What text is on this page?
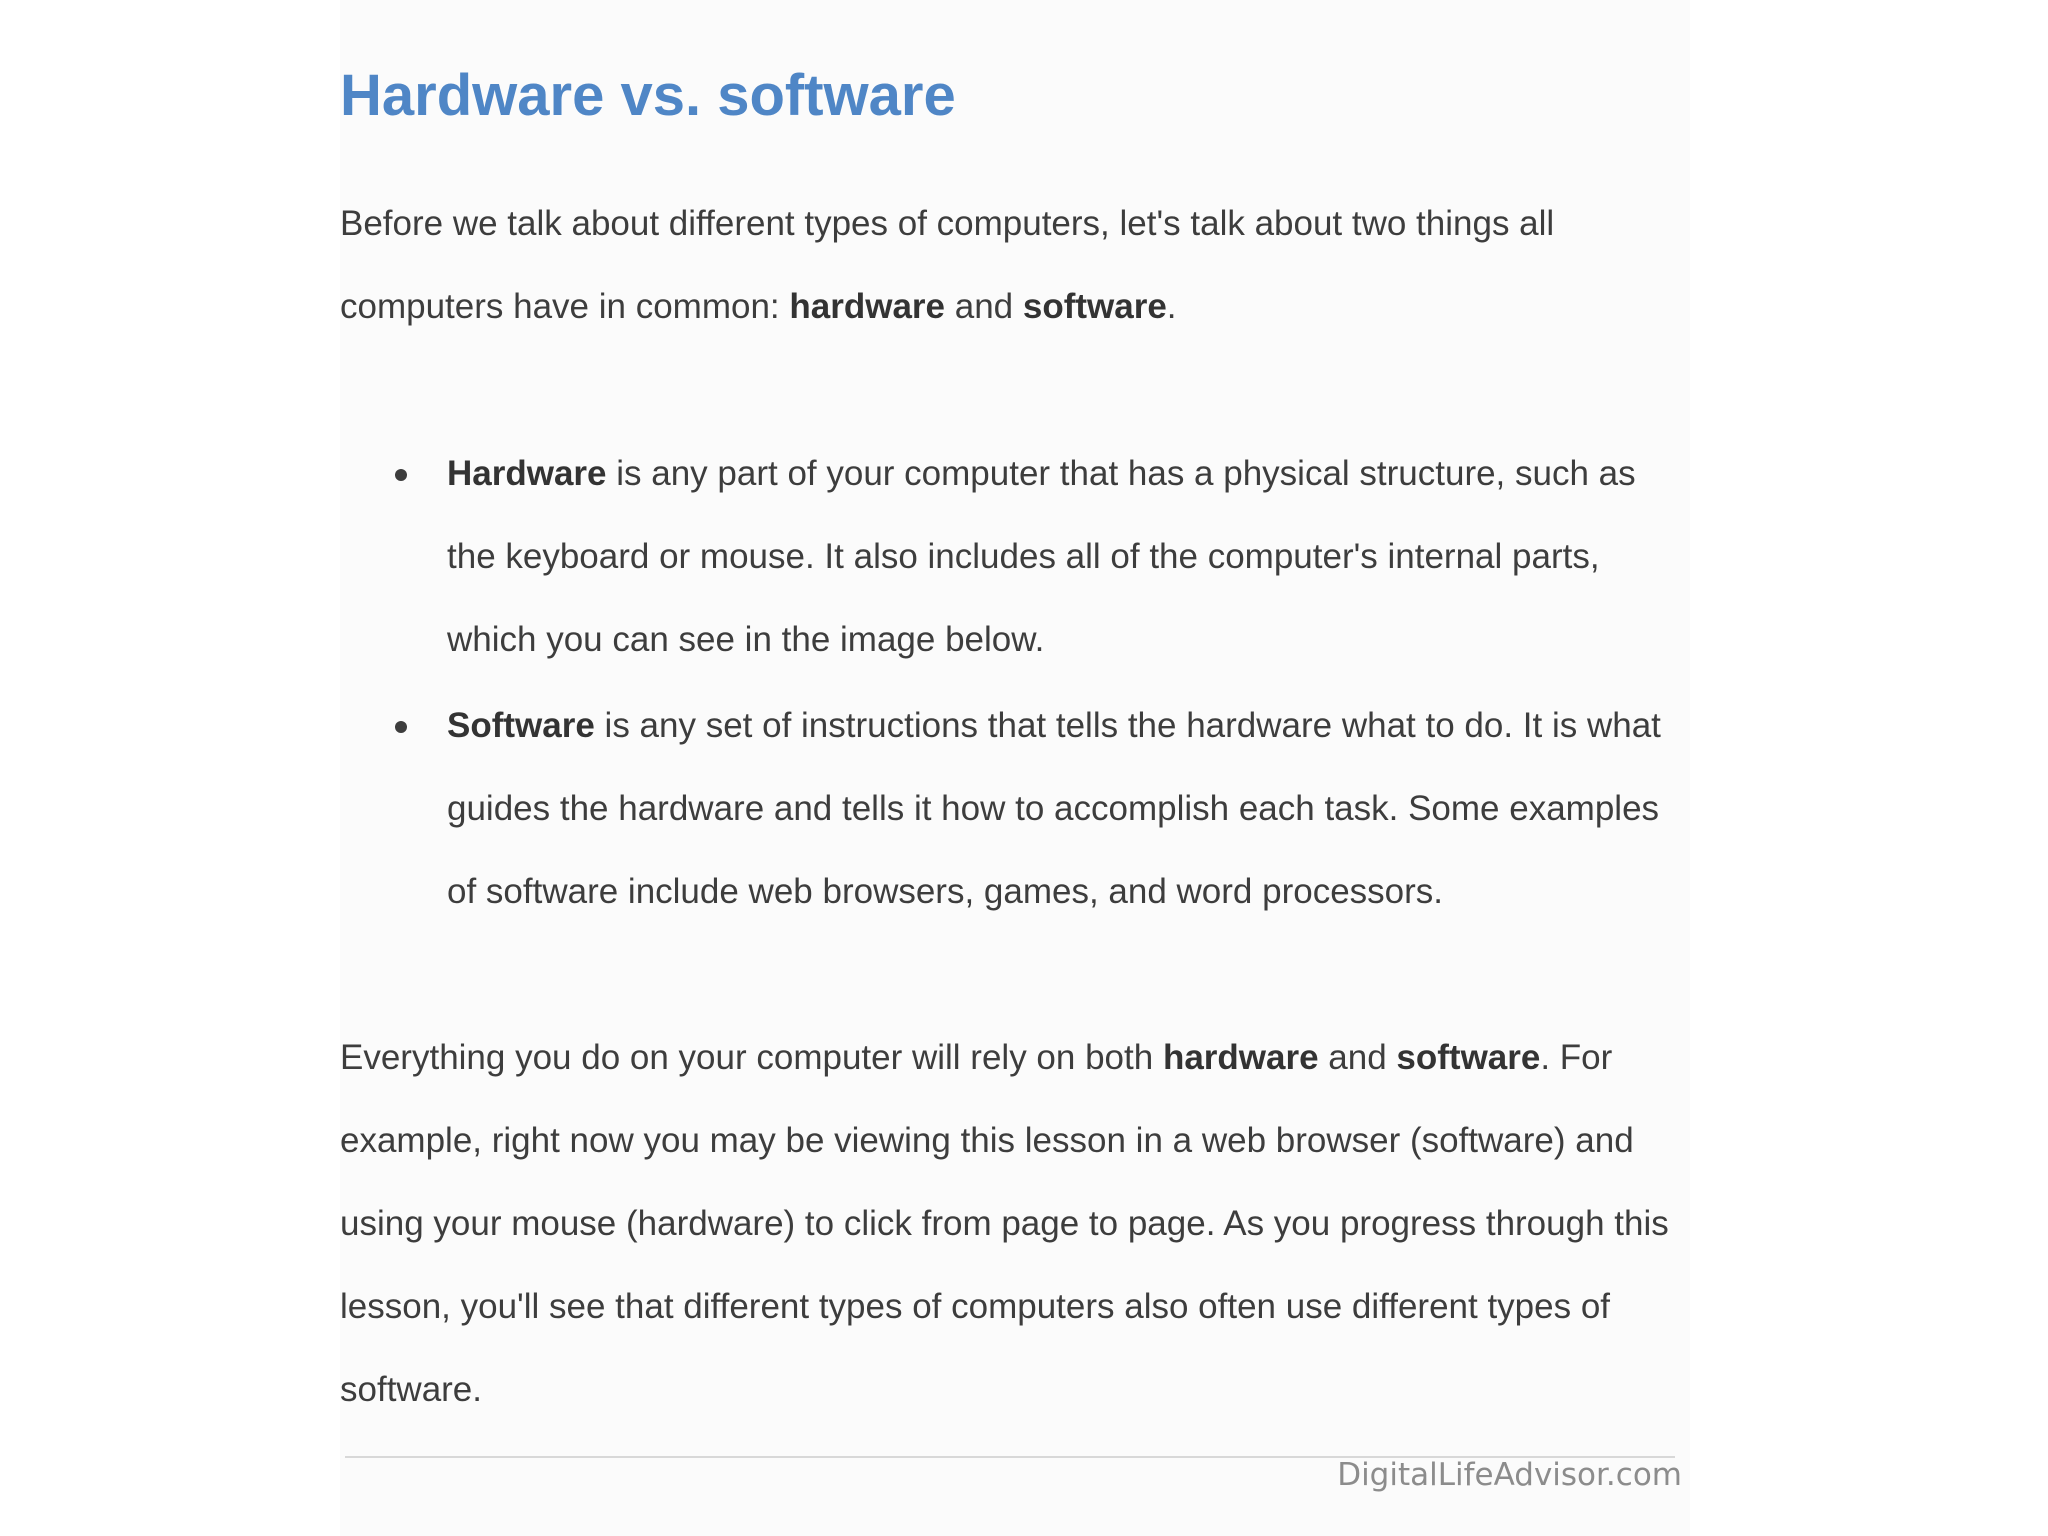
Hardware vs. software

Before we talk about different types of computers, let's talk about two things all computers have in common: hardware and software.

Hardware is any part of your computer that has a physical structure, such as the keyboard or mouse. It also includes all of the computer's internal parts, which you can see in the image below.
Software is any set of instructions that tells the hardware what to do. It is what guides the hardware and tells it how to accomplish each task. Some examples of software include web browsers, games, and word processors.

Everything you do on your computer will rely on both hardware and software. For example, right now you may be viewing this lesson in a web browser (software) and using your mouse (hardware) to click from page to page. As you progress through this lesson, you'll see that different types of computers also often use different types of software.

DigitalLifeAdvisor.com
